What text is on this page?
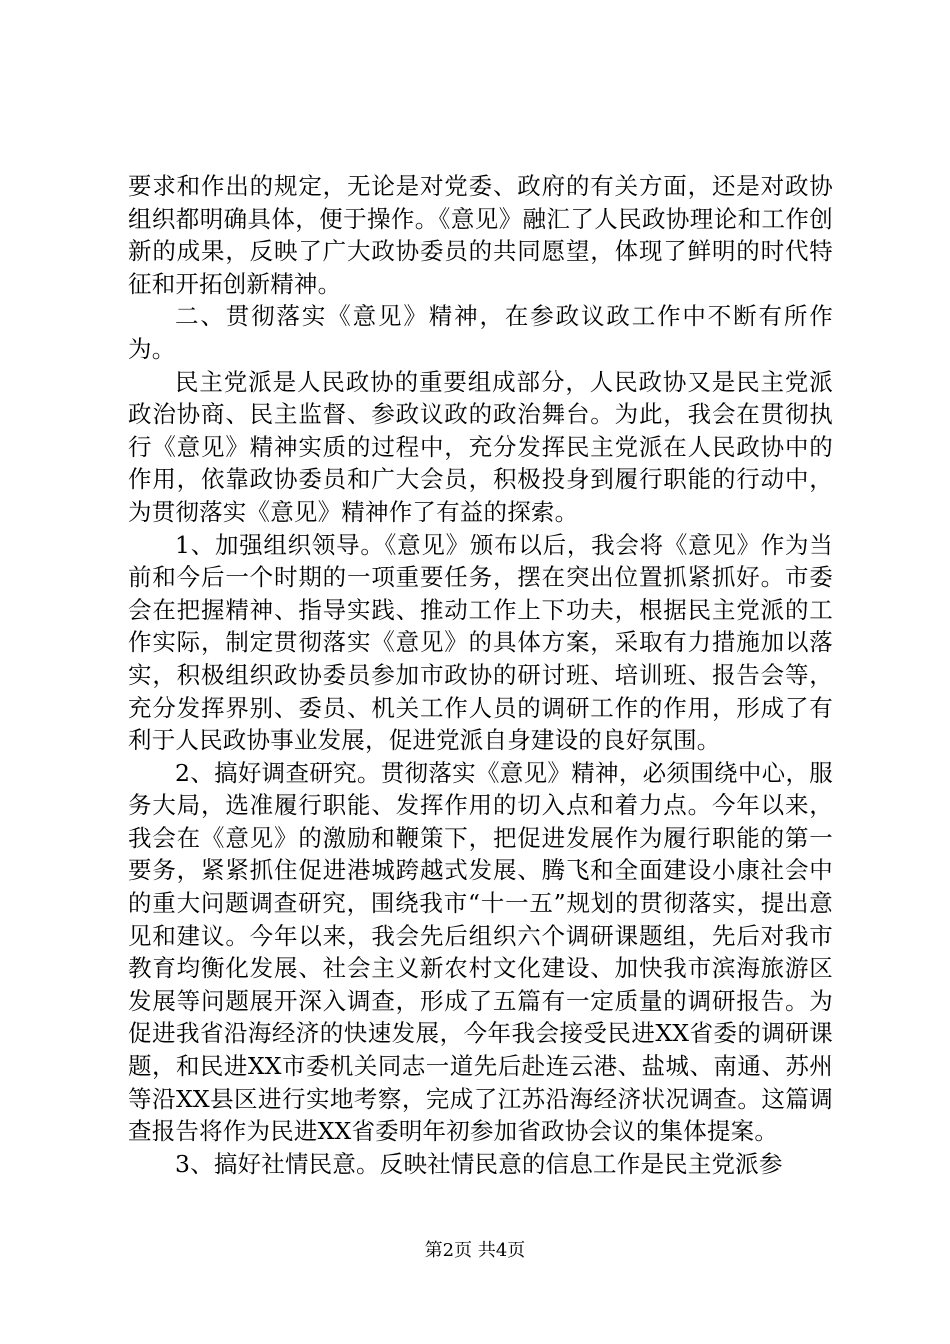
要求和作出的规定，无论是对党委、政府的有关方面，还是对政协组织都明确具体，便于操作。《意见》融汇了人民政协理论和工作创新的成果，反映了广大政协委员的共同愿望，体现了鲜明的时代特征和开拓创新精神。

二、贯彻落实《意见》精神，在参政议政工作中不断有所作为。

民主党派是人民政协的重要组成部分，人民政协又是民主党派政治协商、民主监督、参政议政的政治舞台。为此，我会在贯彻执行《意见》精神实质的过程中，充分发挥民主党派在人民政协中的作用，依靠政协委员和广大会员，积极投身到履行职能的行动中，为贯彻落实《意见》精神作了有益的探索。

1、加强组织领导。《意见》颁布以后，我会将《意见》作为当前和今后一个时期的一项重要任务，摆在突出位置抓紧抓好。市委会在把握精神、指导实践、推动工作上下功夫，根据民主党派的工作实际，制定贯彻落实《意见》的具体方案，采取有力措施加以落实，积极组织政协委员参加市政协的研讨班、培训班、报告会等，充分发挥界别、委员、机关工作人员的调研工作的作用，形成了有利于人民政协事业发展，促进党派自身建设的良好氛围。

2、搞好调查研究。贯彻落实《意见》精神，必须围绕中心，服务大局，选准履行职能、发挥作用的切入点和着力点。今年以来，我会在《意见》的激励和鞭策下，把促进发展作为履行职能的第一要务，紧紧抓住促进港城跨越式发展、腾飞和全面建设小康社会中的重大问题调查研究，围绕我市“十一五”规划的贯彻落实，提出意见和建议。今年以来，我会先后组织六个调研课题组，先后对我市教育均衡化发展、社会主义新农村文化建设、加快我市滨海旅游区发展等问题展开深入调查，形成了五篇有一定质量的调研报告。为促进我省沿海经济的快速发展，今年我会接受民进XX省委的调研课题，和民进XX市委机关同志一道先后赴连云港、盐城、南通、苏州等沿XX县区进行实地考察，完成了江苏沿海经济状况调查。这篇调查报告将作为民进XX省委明年初参加省政协会议的集体提案。

3、搞好社情民意。反映社情民意的信息工作是民主党派参

第2页 共4页
